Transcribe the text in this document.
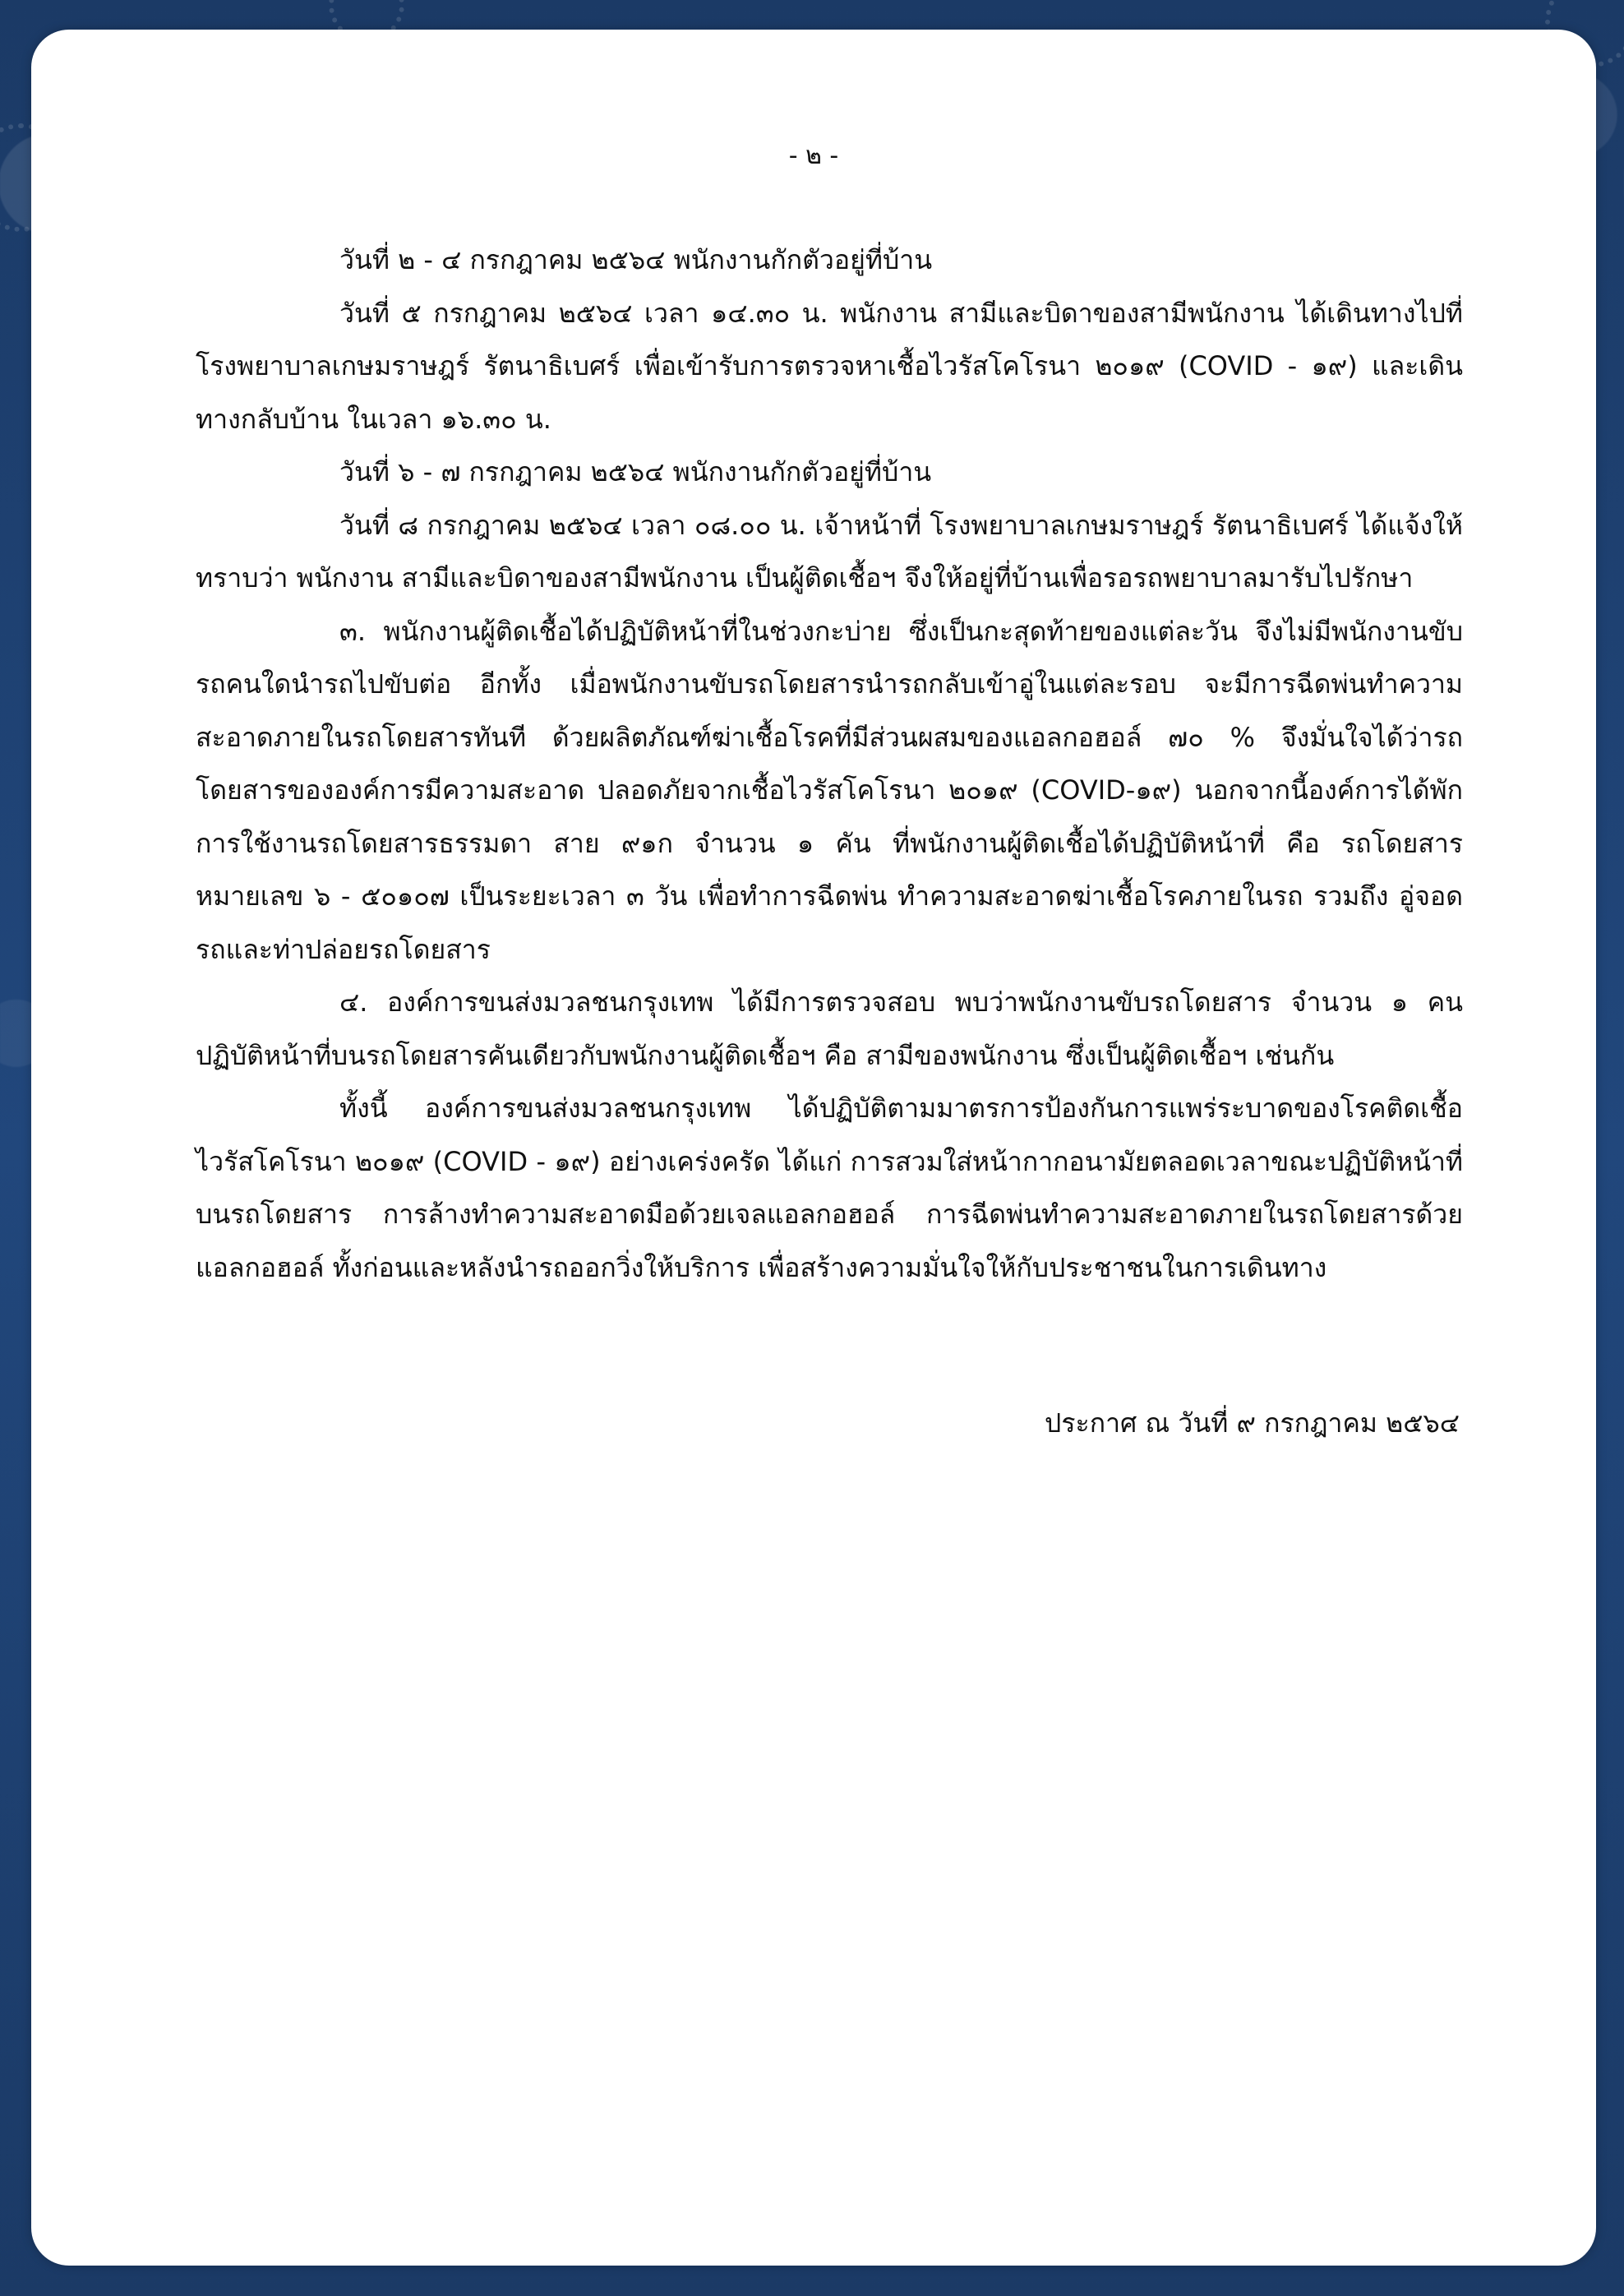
- ๒ -

วันที่ ๒ - ๔ กรกฎาคม ๒๕๖๔ พนักงานกักตัวอยู่ที่บ้าน

วันที่ ๕ กรกฎาคม ๒๕๖๔ เวลา ๑๔.๓๐ น. พนักงาน สามีและบิดาของสามีพนักงาน ได้เดินทางไปที่ โรงพยาบาลเกษมราษฎร์ รัตนาธิเบศร์ เพื่อเข้ารับการตรวจหาเชื้อไวรัสโคโรนา ๒๐๑๙ (COVID - ๑๙) และเดินทางกลับบ้าน ในเวลา ๑๖.๓๐ น.

วันที่ ๖ - ๗ กรกฎาคม ๒๕๖๔ พนักงานกักตัวอยู่ที่บ้าน

วันที่ ๘ กรกฎาคม ๒๕๖๔ เวลา ๐๘.๐๐ น. เจ้าหน้าที่ โรงพยาบาลเกษมราษฎร์ รัตนาธิเบศร์ ได้แจ้งให้ทราบว่า พนักงาน สามีและบิดาของสามีพนักงาน เป็นผู้ติดเชื้อฯ จึงให้อยู่ที่บ้านเพื่อรอรถพยาบาลมารับไปรักษา

๓. พนักงานผู้ติดเชื้อได้ปฏิบัติหน้าที่ในช่วงกะบ่าย ซึ่งเป็นกะสุดท้ายของแต่ละวัน จึงไม่มีพนักงานขับรถคนใดนำรถไปขับต่อ อีกทั้ง เมื่อพนักงานขับรถโดยสารนำรถกลับเข้าอู่ในแต่ละรอบ จะมีการฉีดพ่นทำความสะอาดภายในรถโดยสารทันที ด้วยผลิตภัณฑ์ฆ่าเชื้อโรคที่มีส่วนผสมของแอลกอฮอล์ ๗๐ % จึงมั่นใจได้ว่ารถโดยสารขององค์การมีความสะอาด ปลอดภัยจากเชื้อไวรัสโคโรนา ๒๐๑๙ (COVID-๑๙) นอกจากนี้องค์การได้พักการใช้งานรถโดยสารธรรมดา สาย ๙๑ก จำนวน ๑ คัน ที่พนักงานผู้ติดเชื้อได้ปฏิบัติหน้าที่ คือ รถโดยสารหมายเลข ๖ - ๕๐๑๐๗ เป็นระยะเวลา ๓ วัน เพื่อทำการฉีดพ่น ทำความสะอาดฆ่าเชื้อโรคภายในรถ รวมถึง อู่จอดรถและท่าปล่อยรถโดยสาร

๔. องค์การขนส่งมวลชนกรุงเทพ ได้มีการตรวจสอบ พบว่าพนักงานขับรถโดยสาร จำนวน ๑ คน ปฏิบัติหน้าที่บนรถโดยสารคันเดียวกับพนักงานผู้ติดเชื้อฯ คือ สามีของพนักงาน ซึ่งเป็นผู้ติดเชื้อฯ เช่นกัน

ทั้งนี้ องค์การขนส่งมวลชนกรุงเทพ ได้ปฏิบัติตามมาตรการป้องกันการแพร่ระบาดของโรคติดเชื้อไวรัสโคโรนา ๒๐๑๙ (COVID - ๑๙) อย่างเคร่งครัด ได้แก่ การสวมใส่หน้ากากอนามัยตลอดเวลาขณะปฏิบัติหน้าที่บนรถโดยสาร การล้างทำความสะอาดมือด้วยเจลแอลกอฮอล์ การฉีดพ่นทำความสะอาดภายในรถโดยสารด้วยแอลกอฮอล์ ทั้งก่อนและหลังนำรถออกวิ่งให้บริการ เพื่อสร้างความมั่นใจให้กับประชาชนในการเดินทาง

ประกาศ ณ วันที่ ๙ กรกฎาคม ๒๕๖๔
